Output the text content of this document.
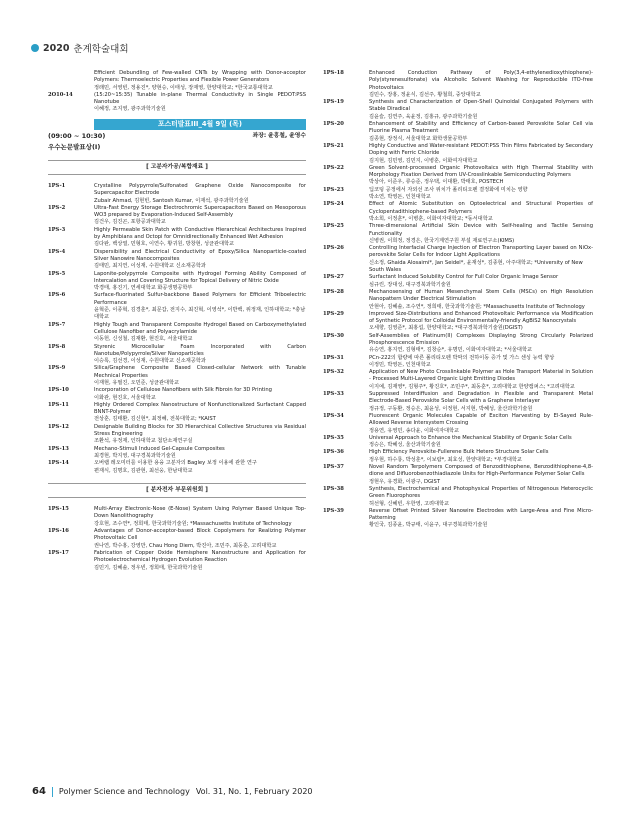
2020 춘계학술대회
Efficient Debundling of Few-walled CNTs by Wrapping with Donor-acceptor Polymers: Thermoelectric Properties and Flexible Power Generators
정래민, 서영빈, 정용진*, 양현승, 이태성, 장재영, 한양대학교; *한국교통대학교
2O10-14	(15:20~15:35) Tunable in-plane Thermal Conductivity in Single PEDOT:PSS Nanotube
이혜정, 조지영, 광주과학기술원
포스터발표III_4월 9일 (목)
(09:00 ~ 10:30)	좌장: 윤홍철, 윤영수
우수논문발표상(I)
[ 고분자가공/복합재료 ]
1PS-1	Crystalline Polypyrrole/Sulfonated Graphene Oxide Nanocomposite for Supercapacitor Electrode
Zubair Ahmad, 김현빈, Santosh Kumar, 이재석, 광주과학기술원
1PS-2	Ultra-Fast Energy Storage Electrochromic Supercapacitors Based on Mesoporous WO3 prepared by Evaporation-Induced Self-Assembly
김건우, 김진곤, 포항공과대학교
1PS-3	Highly Permeable Skin Patch with Conductive Hierarchical Architectures Inspired by Amphibians and Octopi for Omnidirectionally Enhanced Wet Adhesion
김다완, 백상열, 민형호, 이연수, 황귀원, 방창현, 성균관대학교
1PS-4	Dispersibility and Electrical Conductivity of Epoxy/Silica Nanoparticle-coated Silver Nanowire Nanocomposites
김태민, 최지연, 이성재, 수원대학교 신소재공학과
1PS-5	Laponite-polypyrrole Composite with Hydrogel Forming Ability Composed of Intercalation and Covering Structure for Topical Delivery of Nitric Oxide
박경태, 홍진기, 연세대학교 화공생명공학부
1PS-6	Surface-fluorinated Sulfur-backbone Based Polymers for Efficient Triboelectric Performance
윤혁준, 이종혁, 김경훈*, 최문갑, 전지수, 최진혁, 이영석*, 이반백, 위정재, 인하대학교; *충남대학교
1PS-7	Highly Tough and Transparent Composite Hydrogel Based on Carboxymethylated Cellulose Nanofiber and Polyacrylamide
이동헌, 신성철, 김재환, 현진호, 서울대학교
1PS-8	Styrenic Microcellular Foam Incorporated with Carbon Nanotube/Polypyrrole/Silver Nanoparticles
이승록, 김선경, 이성재, 수원대학교 신소재공학과
1PS-9	Silica/Graphene Composite Based Closed-cellular Network with Tunable Mechnical Properties
이재현, 유필진, 오민준, 성균관대학교
1PS-10	Incorporation of Cellulose Nanofibers with Silk Fibroin for 3D Printing
이화관, 현진호, 서울대학교
1PS-11	Highly Ordered Complex Nanostructure of Nonfunctionalized Surfactant Capped BNNT-Polymer
전상훈, 김태환, 김신현*, 최정혜, 전북대학교; *KAIST
1PS-12	Designable Building Blocks for 3D Hierarchical Collective Structures via Residual Stress Engineering
조환석, 유정재, 인하대학교 첨단소재연구실
1PS-13	Mechano-Stimuli Induced Gel-Capsule Composites
최경현, 박지영, 대구경북과학기술원
1PS-14	오버랩 레오미터를 이용한 용융 고분자의 Bagley 보정 이용에 관한 연구
편재식, 김명호, 김관현, 최선웅, 한남대학교
[ 분자전자 부문위원회 ]
1PS-15	Multi-Array Electronic-Nose (E-Nose) System Using Polymer Based Unique Top-Down Nanolithography
강호현, 조수연*, 정희태, 한국과학기술원; *Massachusetts Institute of Technology
1PS-16	Advantages of Donor-acceptor-based Block Copolymers for Realizing Polymer Photovoltaic Cell
권나연, 박수홍, 강영만, Chau Hong Diem, 박진아, 조민주, 최동훈, 고려대학교
1PS-17	Fabrication of Copper Oxide Hemisphere Nanostructure and Application for Photoelectrochemical Hydrogen Evolution Reaction
김민기, 김혜솔, 정우빈, 정희태, 한국과학기술원
1PS-18	Enhanced Conduction Pathway of Poly(3,4-ethylenedioxythiophene)-Poly(styrenesulfonate) via Alcoholic Solvent Washing for Reproducible ITO-free Photovoltaics
김민수, 장홍, 정윤식, 김선주, 황철희, 중앙대학교
1PS-19	Synthesis and Characterization of Open-Shell Quinoidal Conjugated Polymers with Stable Diradical
김윤슬, 김연주, 육윤정, 김홍규, 광주과학기술원
1PS-20	Enhancement of Stability and Efficiency of Carbon-based Perovskite Solar Cell via Fluorine Plasma Treatment
김종현, 장정식, 서울대학교 화학생물공학부
1PS-21	Highly Conductive and Water-resistant PEDOT:PSS Thin Films Fabricated by Secondary Doping with Ferric Chloride
김지현, 김민영, 김민지, 이병훈, 이화여자대학교
1PS-22	Green Solvent-processed Organic Photovoltaics with High Thermal Stability with Morphology Fixation Derived from UV-Crosslinkable Semiconducting Polymers
박상아, 이준우, 류승준, 정우택, 이대환, 박태호, POSTECH
1PS-23	딥코팅 공정에서 자외선 조사 위치가 폴리티오펜 결정화에 미치는 영향
박소연, 박영돈, 인천대학교
1PS-24	Effect of Atomic Substitution on Optoelectrical and Structural Properties of Cyclopentadithiophene-based Polymers
박소희, 이정훈*, 이병훈, 이화여자대학교; *동서대학교
1PS-25	Three-dimensional Artificial Skin Device with Self-healing and Tactile Sensing Functionality
신병권, 이희정, 정경은, 한국기계연구원 부설 재료연구소(KIMS)
1PS-26	Controlling Interfacial Charge Injection of Electron Transporting Layer based on NiOx-perovskite Solar Cells for Indoor Light Applications
신소정, Ghaida Alosaimi*, Jan Seidel*, 윤재성*, 김종현, 아주대학교; *University of New South Wales
1PS-27	Surfactant Induced Solubility Control for Full Color Organic Image Sensor
심규린, 장대성, 대구경북과학기술원
1PS-28	Mechanosensing of Human Mesenchymal Stem Cells (MSCs) on High Resolution Nanopattern Under Electrical Stimulation
안현아, 김혜솔, 조수연*, 정희태, 한국과학기술원; *Massachusetts Institute of Technology
1PS-29	Improved Size-Distributions and Enhanced Photovoltaic Performance via Modification of Synthetic Protocol for Colloidal Environmentally-friendly AgBiS2 Nanocrystals
오세향, 김영준*, 최홍섭, 한양대학교; *대구경북과학기술원(DGIST)
1PS-30	Self-Assemblies of Platinum(II) Complexes Displaying Strong Circularly Polarized Phosphorescence Emission
유승연, 홍지연, 김형태*, 김창순*, 유명민, 이화여자대학교; *서울대학교
1PS-31	PCn-222의 합량에 따른 폴리티오펜 박막의 전하이동 증가 및 가스 센싱 능력 향상
이정민, 박영돈, 인천대학교
1PS-32	Application of New Photo Crosslinkable Polymer as Hole Transport Material in Solution - Processed Multi-Layered Organic Light Emitting Diodes
이지예, 김재영*, 김형주*, 황진호*, 조민주*, 최동훈*, 고려대학교 한양캠퍼스; *고려대학교
1PS-33	Suppressed Interdiffusion and Degradation in Flexible and Transparent Metal Electrode-Based Perovskite Solar Cells with a Graphene Interlayer
정규정, 구동환, 정승은, 최윤성, 이정현, 서지현, 박혜성, 울산과학기술원
1PS-34	Fluorescent Organic Molecules Capable of Exciton Harvesting by El-Sayed Rule-Allowed Reverse Intersystem Crossing
정용연, 유영민, 송다윤, 이화여자대학교
1PS-35	Universal Approach to Enhance the Mechanical Stability of Organic Solar Cells
정승은, 박혜성, 울산과학기술원
1PS-36	High Efficiency Perovskite-Fullerene Bulk Hetero Structure Solar Cells
정우현, 하수룡, 박성훈*, 이보람*, 최효성, 한양대학교; *부경대학교
1PS-37	Novel Random Terpolymers Composed of Benzodithiophene, Benzodithiophene-4,8-dione and Difluorobenzothiadiazole Units for High-Performance Polymer Solar Cells
정현우, 유경화, 이광구, DGIST
1PS-38	Synthesis, Electrochemical and Photophysical Properties of Nitrogenous Heterocyclic Green Fluorophores
허선형, 신혜빈, 우한영, 고려대학교
1PS-39	Reverse Offset Printed Silver Nanowire Electrodes with Large-Area and Fine Micro-Patterning
황인국, 김종윤, 박규태, 이윤구, 대구경북과학기술원
64 Polymer Science and Technology Vol. 31, No. 1, February 2020
